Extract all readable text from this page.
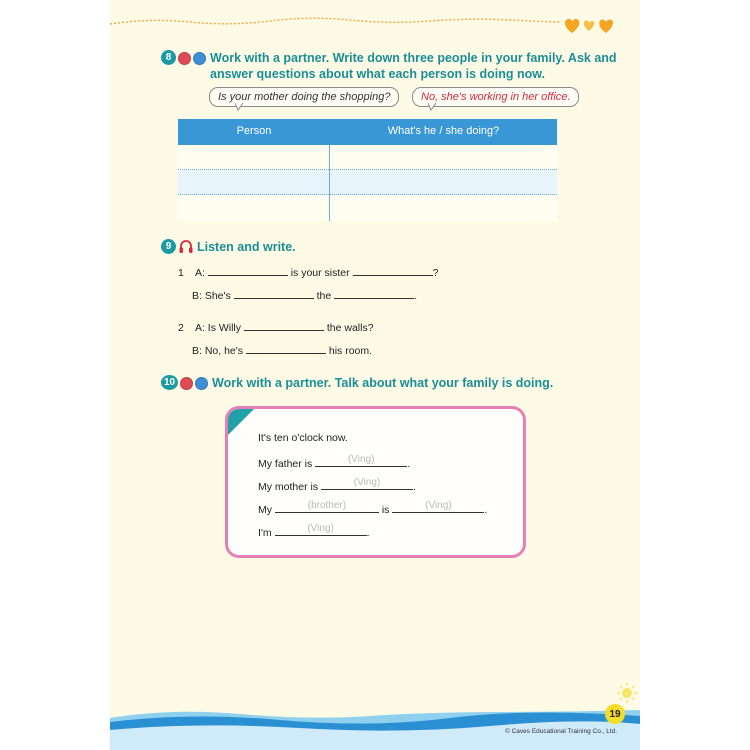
8	Work with a partner. Write down three people in your family. Ask and
answer questions about what each person is doing now.
Is your mother doing the shopping?	No, she's working in her office.
Person	What's he / she doing?
9	Listen and write.
1 A:	is your sister	?
B: She's	the	.
2 A: Is Willy	the walls?
B: No, he's	his room.
10	Work with a partner. Talk about what your family is doing.
It's ten o'clock now.
My father is	(Ving)	.
My mother is	(Ving)	.
My	(brother)	is	(Ving)	.
I'm	(Ving)	.
19
© Caves Educational Training Co., Ltd.
